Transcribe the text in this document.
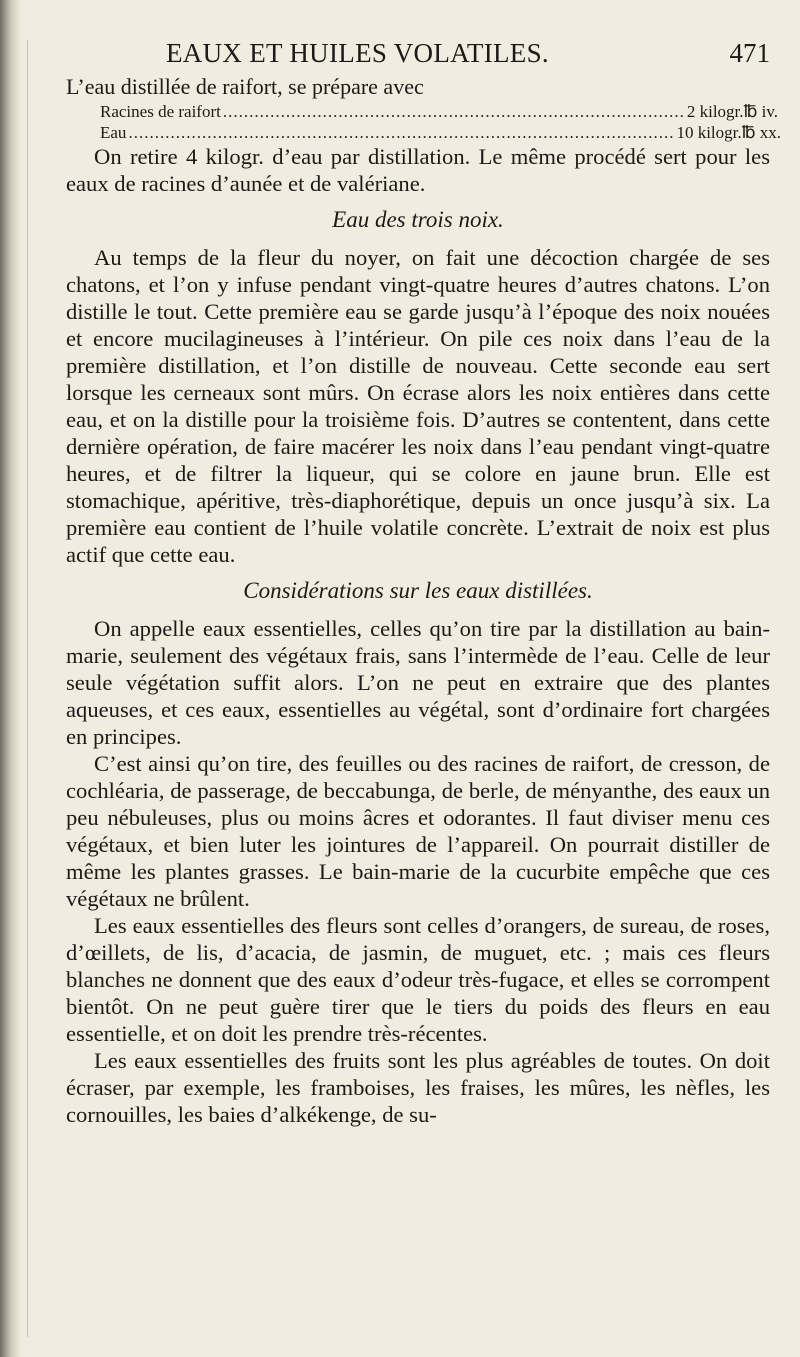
EAUX ET HUILES VOLATILES.	471
L’eau distillée de raifort, se prépare avec
Racines de raifort ........................................................................................ 2 kilogr. ℔ iv.
Eau ........................................................................................................ 10 kilogr. ℔ xx.

On retire 4 kilogr. d’eau par distillation. Le même procédé sert pour les eaux de racines d’aunée et de valériane.

Eau des trois noix.

Au temps de la fleur du noyer, on fait une décoction chargée de ses chatons, et l’on y infuse pendant vingt-quatre heures d’autres chatons. L’on distille le tout. Cette première eau se garde jusqu’à l’époque des noix nouées et encore mucilagineuses à l’intérieur. On pile ces noix dans l’eau de la première distillation, et l’on distille de nouveau. Cette seconde eau sert lorsque les cerneaux sont mûrs. On écrase alors les noix entières dans cette eau, et on la distille pour la troisième fois. D’autres se contentent, dans cette dernière opération, de faire macérer les noix dans l’eau pendant vingt-quatre heures, et de filtrer la liqueur, qui se colore en jaune brun. Elle est stomachique, apéritive, très-diaphorétique, depuis un once jusqu’à six. La première eau contient de l’huile volatile concrète. L’extrait de noix est plus actif que cette eau.

Considérations sur les eaux distillées.

On appelle eaux essentielles, celles qu’on tire par la distillation au bain-marie, seulement des végétaux frais, sans l’intermède de l’eau. Celle de leur seule végétation suffit alors. L’on ne peut en extraire que des plantes aqueuses, et ces eaux, essentielles au végétal, sont d’ordinaire fort chargées en principes.

C’est ainsi qu’on tire, des feuilles ou des racines de raifort, de cresson, de cochléaria, de passerage, de beccabunga, de berle, de ményanthe, des eaux un peu nébuleuses, plus ou moins âcres et odorantes. Il faut diviser menu ces végétaux, et bien luter les jointures de l’appareil. On pourrait distiller de même les plantes grasses. Le bain-marie de la cucurbite empêche que ces végétaux ne brûlent.

Les eaux essentielles des fleurs sont celles d’orangers, de sureau, de roses, d’œillets, de lis, d’acacia, de jasmin, de muguet, etc. ; mais ces fleurs blanches ne donnent que des eaux d’odeur très-fugace, et elles se corrompent bientôt. On ne peut guère tirer que le tiers du poids des fleurs en eau essentielle, et on doit les prendre très-récentes.

Les eaux essentielles des fruits sont les plus agréables de toutes. On doit écraser, par exemple, les framboises, les fraises, les mûres, les nèfles, les cornouilles, les baies d’alkékenge, de su-
